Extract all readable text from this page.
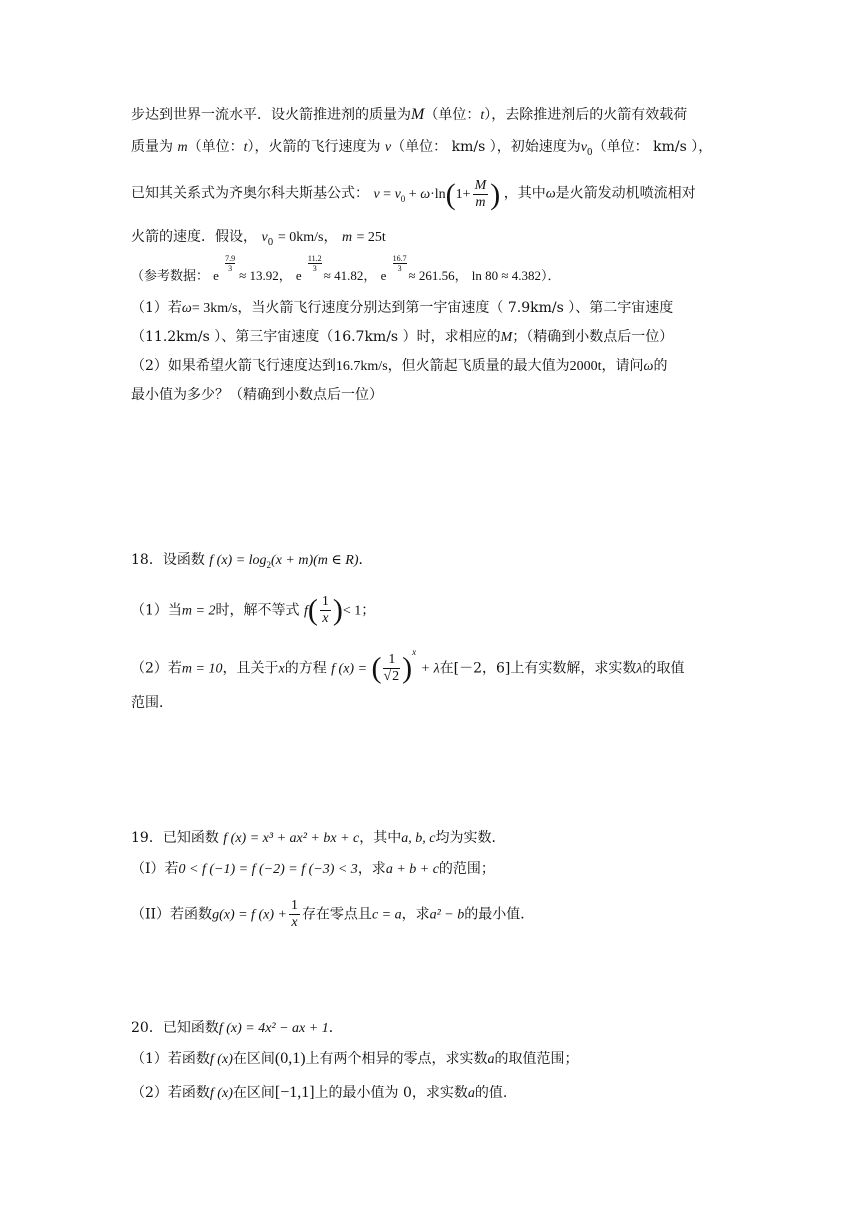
步达到世界一流水平．设火箭推进剂的质量为M（单位：t），去除推进剂后的火箭有效载荷
质量为 m（单位：t），火箭的飞行速度为 v（单位： km/s ），初始速度为$v_0$（单位： km/s ），
已知其关系式为齐奥尔科夫斯基公式： $v = v_0 + \omega\cdot\ln(1+ \frac{M}{m}$ ) ，其中ω是火箭发动机喷流相对
火箭的速度．假设， $v_0 = 0km/s$， m = 25t
（参考数据： e
7.9
3 ≈ 13.92， e
11.2
3 ≈ 41.82， e
16.7
3 ≈ 261.56， ln 80 ≈ 4.382）．
（1）若ω= 3km/s，当火箭飞行速度分别达到第一宇宙速度（ 7.9km/s ）、第二宇宙速度
（11.2km/s ）、第三宇宙速度（16.7km/s ）时，求相应的M；（精确到小数点后一位）
（2）如果希望火箭飞行速度达到16.7km/s，但火箭起飞质量的最大值为2000t，请问ω的
最小值为多少？（精确到小数点后一位）
18．设函数 f $(x) = \log_2(x + m)(m$ ∈ R)．
（1）当m = 2时，解不等式 $f( \frac{1}{x}$ )< 1；
（2）若m = 10，且关于x的方程 f (x) = ( $\frac{1}{√2} )^x + \lambda$在[－2，6]上有实数解，求实数λ的取值
范围．
19．已知函数 f (x) = x³ + ax² + bx + c，其中a, b, c均为实数．
（I）若0 < f (−1) = f (−2) = f (−3) < 3，求a + b + c的范围；
（II）若函数g(x) = f $(x) + \frac{1}{x}$ 存在零点且c = a，求a² − b的最小值．
20．已知函数f (x) = 4x² − ax + 1．
（1）若函数f (x)在区间(0,1)上有两个相异的零点，求实数a的取值范围；
（2）若函数f (x)在区间[−1,1]上的最小值为 0，求实数a的值.
